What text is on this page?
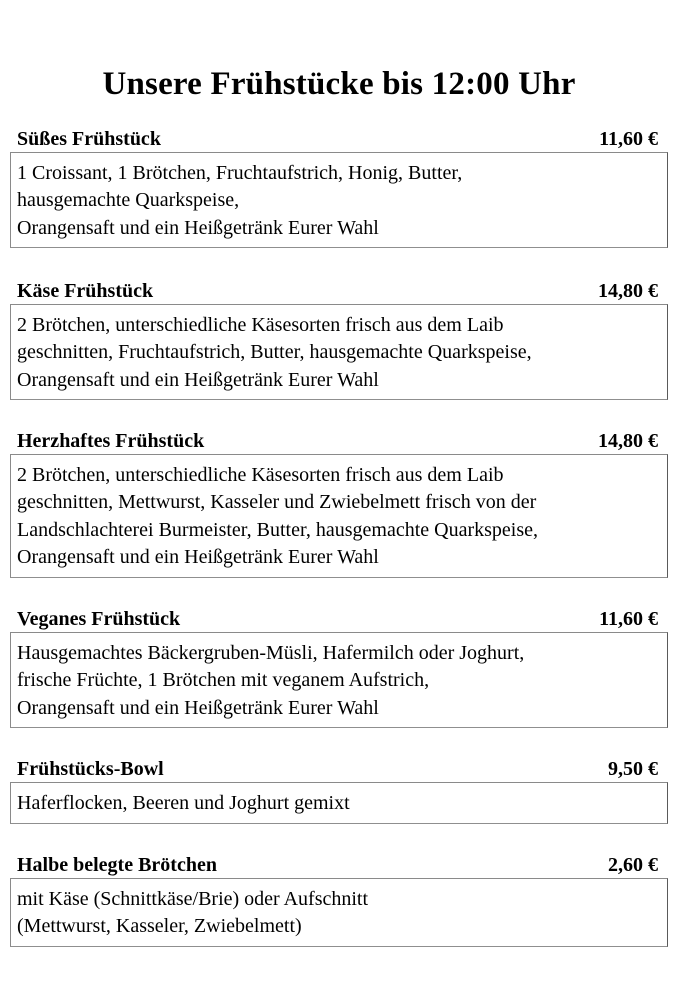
Unsere Frühstücke bis 12:00 Uhr
Süßes Frühstück	11,60 €
1 Croissant, 1 Brötchen, Fruchtaufstrich, Honig, Butter,
hausgemachte Quarkspeise,
Orangensaft und ein Heißgetränk Eurer Wahl
Käse Frühstück	14,80 €
2 Brötchen, unterschiedliche Käsesorten frisch aus dem Laib
geschnitten, Fruchtaufstrich, Butter, hausgemachte Quarkspeise,
Orangensaft und ein Heißgetränk Eurer Wahl
Herzhaftes Frühstück	14,80 €
2 Brötchen, unterschiedliche Käsesorten frisch aus dem Laib
geschnitten, Mettwurst, Kasseler und Zwiebelmett frisch von der
Landschlachterei Burmeister, Butter, hausgemachte Quarkspeise,
Orangensaft und ein Heißgetränk Eurer Wahl
Veganes Frühstück	11,60 €
Hausgemachtes Bäckergruben-Müsli, Hafermilch oder Joghurt,
frische Früchte, 1 Brötchen mit veganem Aufstrich,
Orangensaft und ein Heißgetränk Eurer Wahl
Frühstücks-Bowl	9,50 €
Haferflocken, Beeren und Joghurt gemixt
Halbe belegte Brötchen	2,60 €
mit Käse (Schnittkäse/Brie) oder Aufschnitt
(Mettwurst, Kasseler, Zwiebelmett)
